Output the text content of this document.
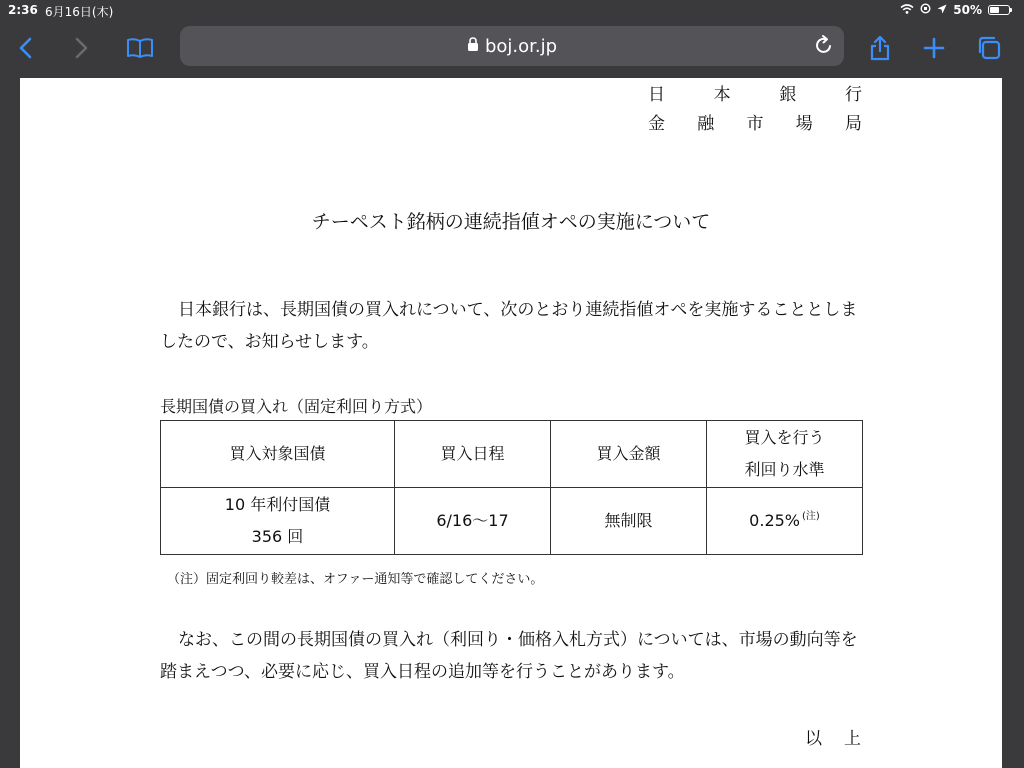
2:36 6月16日(木)	50%
boj.or.jp
日	本	銀	行
金 融 市 場 局
チーペスト銘柄の連続指値オペの実施について
日本銀行は、長期国債の買入れについて、次のとおり連続指値オペを実施することとしましたので、お知らせします。
長期国債の買入れ（固定利回り方式）
買入対象国債	買入日程	買入金額	買入を行う
利回り水準
10 年利付国債
356 回	6/16〜17	無制限	0.25% $^{(注)}$
（注）固定利回り較差は、オファー通知等で確認してください。
なお、この間の長期国債の買入れ（利回り・価格入札方式）については、市場の動向等を踏まえつつ、必要に応じ、買入日程の追加等を行うことがあります。
以上
